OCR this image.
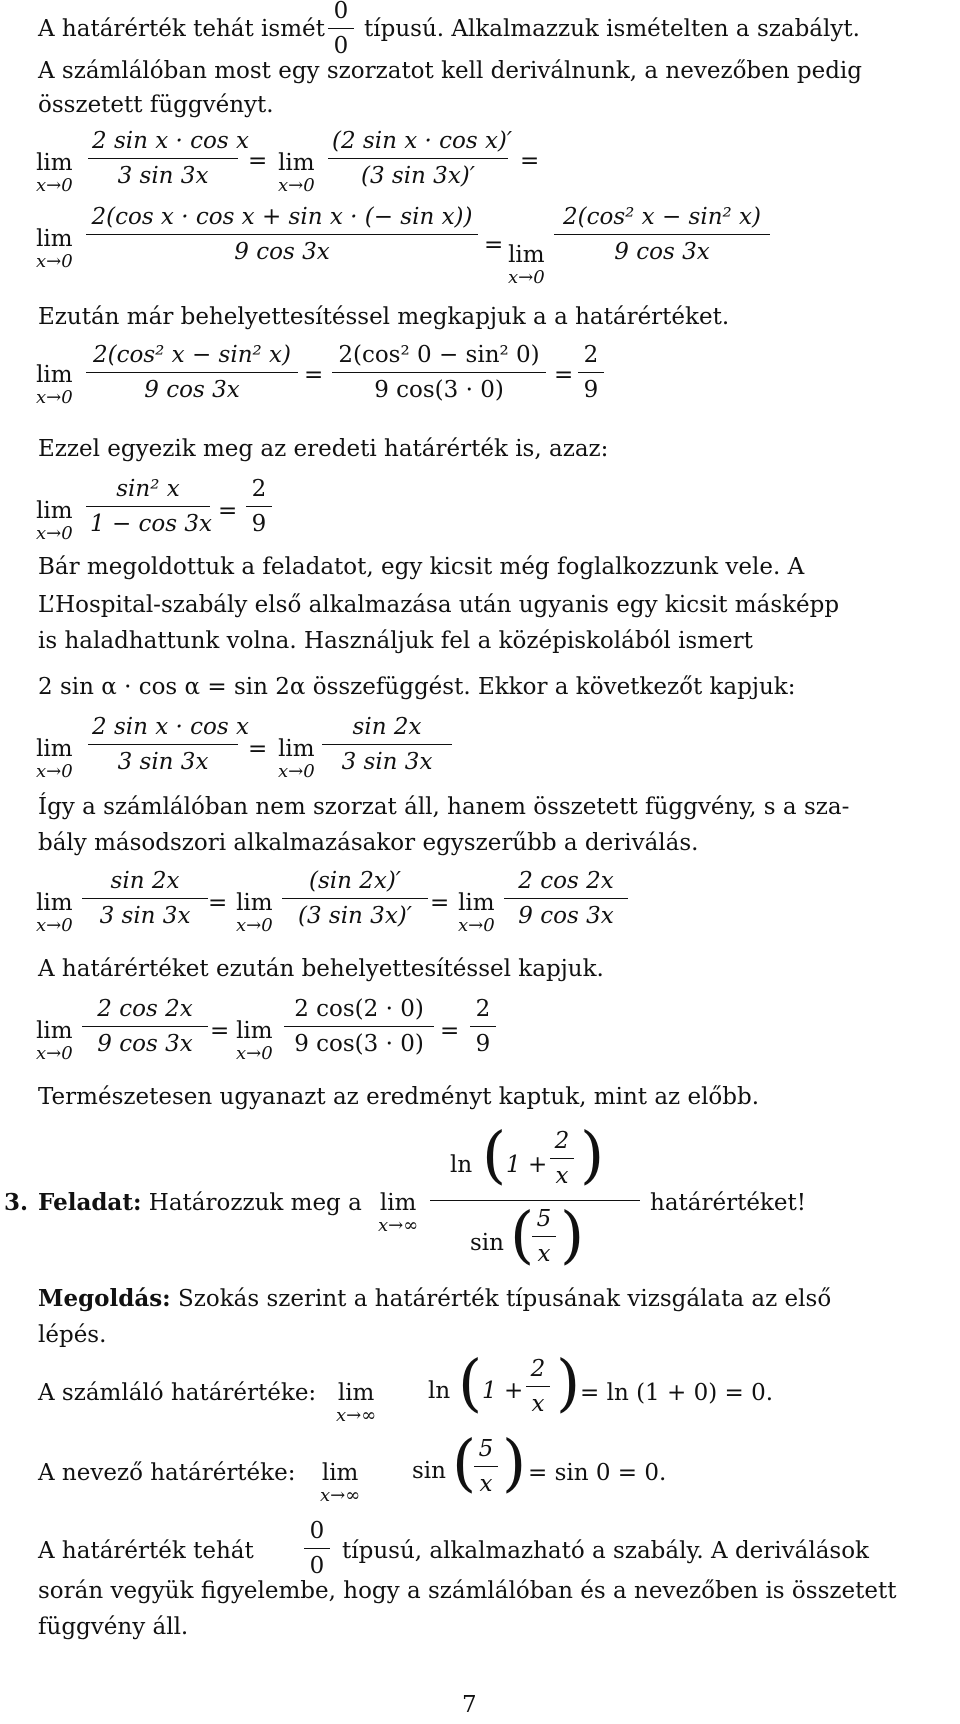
A határérték tehát ismét
0
0
típusú. Alkalmazzuk ismételten a szabályt.
A számlálóban most egy szorzatot kell deriválnunk, a nevezőben pedig
összetett függvényt.
lim
x→0
2 sin x · cos x
3 sin 3x
= lim
x→0
(2 sin x · cos x)′
(3 sin 3x)′
=
lim
x→0
2(cos x · cos x + sin x · (− sin x))
9 cos 3x	= lim
x→0
2(cos² x − sin² x)
9 cos 3x
Ezután már behelyettesítéssel megkapjuk a a határértéket.
lim
x→0
2(cos² x − sin² x)
9 cos 3x
=
2(cos² 0 − sin² 0)
9 cos(3 · 0)
=
2
9
Ezzel egyezik meg az eredeti határérték is, azaz:
lim
x→0
sin² x
1 − cos 3x =
2
9
Bár megoldottuk a feladatot, egy kicsit még foglalkozzunk vele. A
L’Hospital-szabály első alkalmazása után ugyanis egy kicsit másképp
is haladhattunk volna. Használjuk fel a középiskolából ismert
2 sin α · cos α = sin 2α összefüggést. Ekkor a következőt kapjuk:
lim
x→0
2 sin x · cos x
3 sin 3x	= lim
x→0
sin 2x
3 sin 3x
Így a számlálóban nem szorzat áll, hanem összetett függvény, s a sza-
bály másodszori alkalmazásakor egyszerűbb a deriválás.
lim
x→0
sin 2x
3 sin 3x = lim
x→0
(sin 2x)′
(3 sin 3x)′ = lim
x→0
2 cos 2x
9 cos 3x
A határértéket ezután behelyettesítéssel kapjuk.
lim
x→0
2 cos 2x
9 cos 3x = lim
x→0
2 cos(2 · 0)
9 cos(3 · 0) =
2
9
Természetesen ugyanazt az eredményt kaptuk, mint az előbb.
3. Feladat: Határozzuk meg a lim
x→∞
ln ( 1 +
2
x )
sin ( 5
x )	határértéket!
Megoldás: Szokás szerint a határérték típusának vizsgálata az első
lépés.
A számláló határértéke: lim
x→∞
ln ( 1 +
2
x ) = ln (1 + 0) = 0.
A nevező határértéke: lim
x→∞
sin ( 5
x ) = sin 0 = 0.
A határérték tehát
0
0
típusú, alkalmazható a szabály. A deriválások
során vegyük figyelembe, hogy a számlálóban és a nevezőben is összetett
függvény áll.
7
